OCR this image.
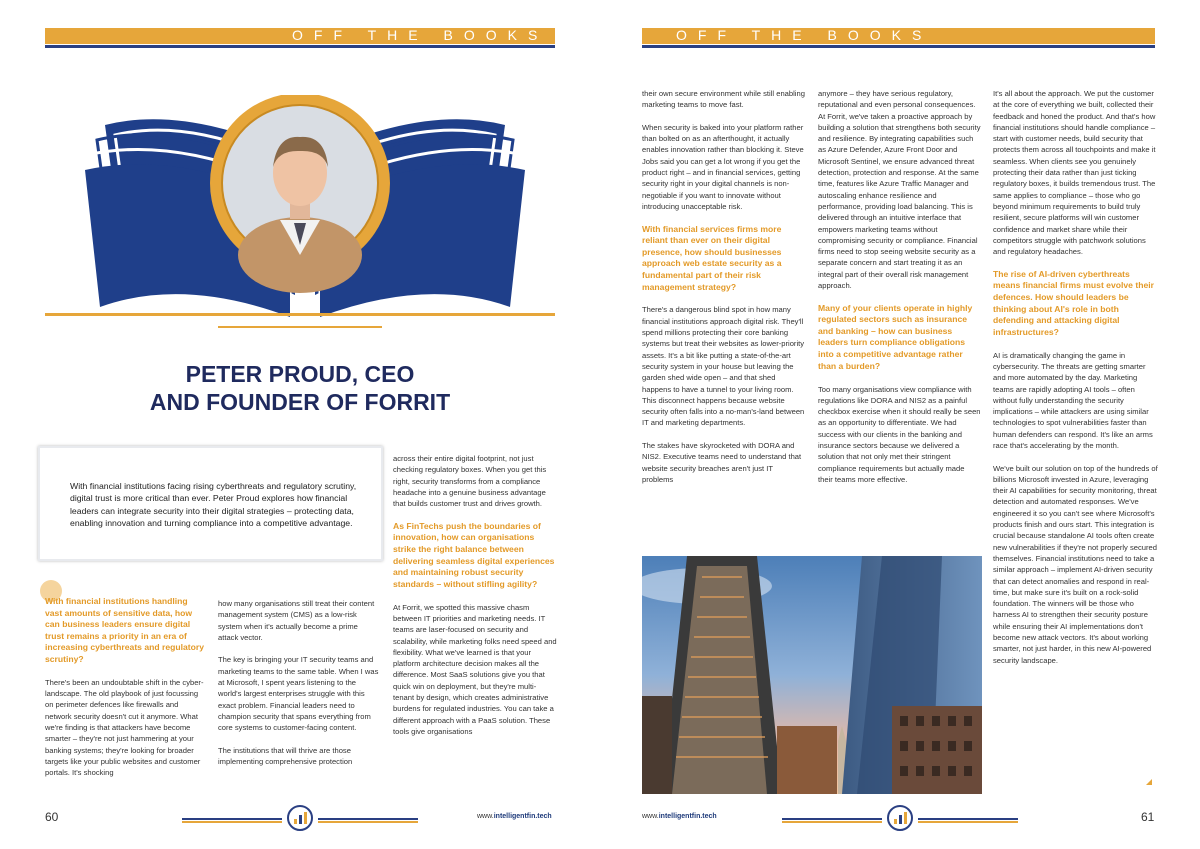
OFF THE BOOKS
PETER PROUD, CEO
AND FOUNDER OF FORRIT
With financial institutions facing rising cyberthreats and regulatory scrutiny, digital trust is more critical than ever. Peter Proud explores how financial leaders can integrate security into their digital strategies – protecting data, enabling innovation and turning compliance into a competitive advantage.
With financial institutions handling vast amounts of sensitive data, how can business leaders ensure digital trust remains a priority in an era of increasing cyberthreats and regulatory scrutiny?

There's been an undoubtable shift in the cyber-landscape. The old playbook of just focussing on perimeter defences like firewalls and network security doesn't cut it anymore. What we're finding is that attackers have become smarter – they're not just hammering at your banking systems; they're looking for broader targets like your public websites and customer portals. It's shocking

how many organisations still treat their content management system (CMS) as a low-risk system when it's actually become a prime attack vector.

The key is bringing your IT security teams and marketing teams to the same table. When I was at Microsoft, I spent years listening to the world's largest enterprises struggle with this exact problem. Financial leaders need to champion security that spans everything from core systems to customer-facing content.

The institutions that will thrive are those implementing comprehensive protection

across their entire digital footprint, not just checking regulatory boxes. When you get this right, security transforms from a compliance headache into a genuine business advantage that builds customer trust and drives growth.

As FinTechs push the boundaries of innovation, how can organisations strike the right balance between delivering seamless digital experiences and maintaining robust security standards – without stifling agility?

At Forrit, we spotted this massive chasm between IT priorities and marketing needs. IT teams are laser-focused on security and scalability, while marketing folks need speed and flexibility. What we've learned is that your platform architecture decision makes all the difference. Most SaaS solutions give you that quick win on deployment, but they're multi-tenant by design, which creates administrative burdens for regulated industries. You can take a different approach with a PaaS solution. These tools give organisations

60	www.intelligentfin.tech
OFF THE BOOKS

their own secure environment while still enabling marketing teams to move fast.

When security is baked into your platform rather than bolted on as an afterthought, it actually enables innovation rather than blocking it. Steve Jobs said you can get a lot wrong if you get the product right – and in financial services, getting security right in your digital channels is non-negotiable if you want to innovate without introducing unacceptable risk.

With financial services firms more reliant than ever on their digital presence, how should businesses approach web estate security as a fundamental part of their risk management strategy?

There's a dangerous blind spot in how many financial institutions approach digital risk. They'll spend millions protecting their core banking systems but treat their websites as lower-priority assets. It's a bit like putting a state-of-the-art security system in your house but leaving the garden shed wide open – and that shed happens to have a tunnel to your living room. This disconnect happens because website security often falls into a no-man's-land between IT and marketing departments.

The stakes have skyrocketed with DORA and NIS2. Executive teams need to understand that website security breaches aren't just IT problems

anymore – they have serious regulatory, reputational and even personal consequences. At Forrit, we've taken a proactive approach by building a solution that strengthens both security and resilience. By integrating capabilities such as Azure Defender, Azure Front Door and Microsoft Sentinel, we ensure advanced threat detection, protection and response. At the same time, features like Azure Traffic Manager and autoscaling enhance resilience and performance, providing load balancing. This is delivered through an intuitive interface that empowers marketing teams without compromising security or compliance. Financial firms need to stop seeing website security as a separate concern and start treating it as an integral part of their overall risk management approach.

Many of your clients operate in highly regulated sectors such as insurance and banking – how can business leaders turn compliance obligations into a competitive advantage rather than a burden?

Too many organisations view compliance with regulations like DORA and NIS2 as a painful checkbox exercise when it should really be seen as an opportunity to differentiate. We had success with our clients in the banking and insurance sectors because we delivered a solution that not only met their stringent compliance requirements but actually made their teams more effective.

It's all about the approach. We put the customer at the core of everything we built, collected their feedback and honed the product. And that's how financial institutions should handle compliance – start with customer needs, build security that protects them across all touchpoints and make it seamless. When clients see you genuinely protecting their data rather than just ticking regulatory boxes, it builds tremendous trust. The same applies to compliance – those who go beyond minimum requirements to build truly resilient, secure platforms will win customer confidence and market share while their competitors struggle with patchwork solutions and regulatory headaches.

The rise of AI-driven cyberthreats means financial firms must evolve their defences. How should leaders be thinking about AI's role in both defending and attacking digital infrastructures?

AI is dramatically changing the game in cybersecurity. The threats are getting smarter and more automated by the day. Marketing teams are rapidly adopting AI tools – often without fully understanding the security implications – while attackers are using similar technologies to spot vulnerabilities faster than human defenders can respond. It's like an arms race that's accelerating by the month.

We've built our solution on top of the hundreds of billions Microsoft invested in Azure, leveraging their AI capabilities for security monitoring, threat detection and automated responses. We've engineered it so you can't see where Microsoft's products finish and ours start. This integration is crucial because standalone AI tools often create new vulnerabilities if they're not properly secured themselves. Financial institutions need to take a similar approach – implement AI-driven security that can detect anomalies and respond in real-time, but make sure it's built on a rock-solid foundation. The winners will be those who harness AI to strengthen their security posture while ensuring their AI implementations don't become new attack vectors. It's about working smarter, not just harder, in this new AI-powered security landscape.

www.intelligentfin.tech	61
